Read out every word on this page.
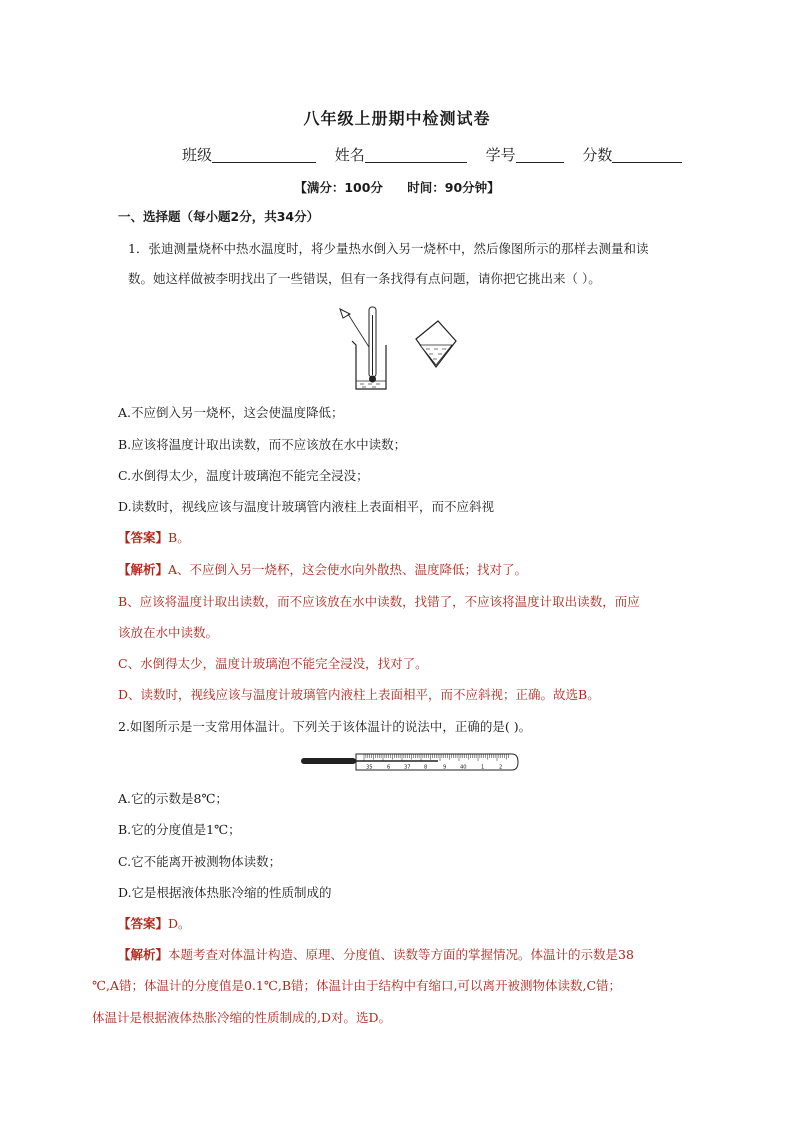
八年级上册期中检测试卷
班级	姓名	学号	分数
【满分：100分 时间：90分钟】
一、选择题（每小题2分，共34分）
1．张迪测量烧杯中热水温度时，将少量热水倒入另一烧杯中，然后像图所示的那样去测量和读
数。她这样做被李明找出了一些错误，但有一条找得有点问题，请你把它挑出来（ ）。
A.不应倒入另一烧杯，这会使温度降低；
B.应该将温度计取出读数，而不应该放在水中读数；
C.水倒得太少，温度计玻璃泡不能完全浸没；
D.读数时，视线应该与温度计玻璃管内液柱上表面相平，而不应斜视
【答案】B。
【解析】A、不应倒入另一烧杯，这会使水向外散热、温度降低；找对了。
B、应该将温度计取出读数，而不应该放在水中读数，找错了，不应该将温度计取出读数，而应
该放在水中读数。
C、水倒得太少，温度计玻璃泡不能完全浸没，找对了。
D、读数时，视线应该与温度计玻璃管内液柱上表面相平，而不应斜视；正确。故选B。
2.如图所示是一支常用体温计。下列关于该体温计的说法中，正确的是( )。
35	6	37	8	9	40	1	2
A.它的示数是8℃；
B.它的分度值是1℃；
C.它不能离开被测物体读数；
D.它是根据液体热胀冷缩的性质制成的
【答案】D。
【解析】本题考查对体温计构造、原理、分度值、读数等方面的掌握情况。体温计的示数是38
℃,A错；体温计的分度值是0.1℃,B错；体温计由于结构中有缩口,可以离开被测物体读数,C错；
体温计是根据液体热胀冷缩的性质制成的,D对。选D。
